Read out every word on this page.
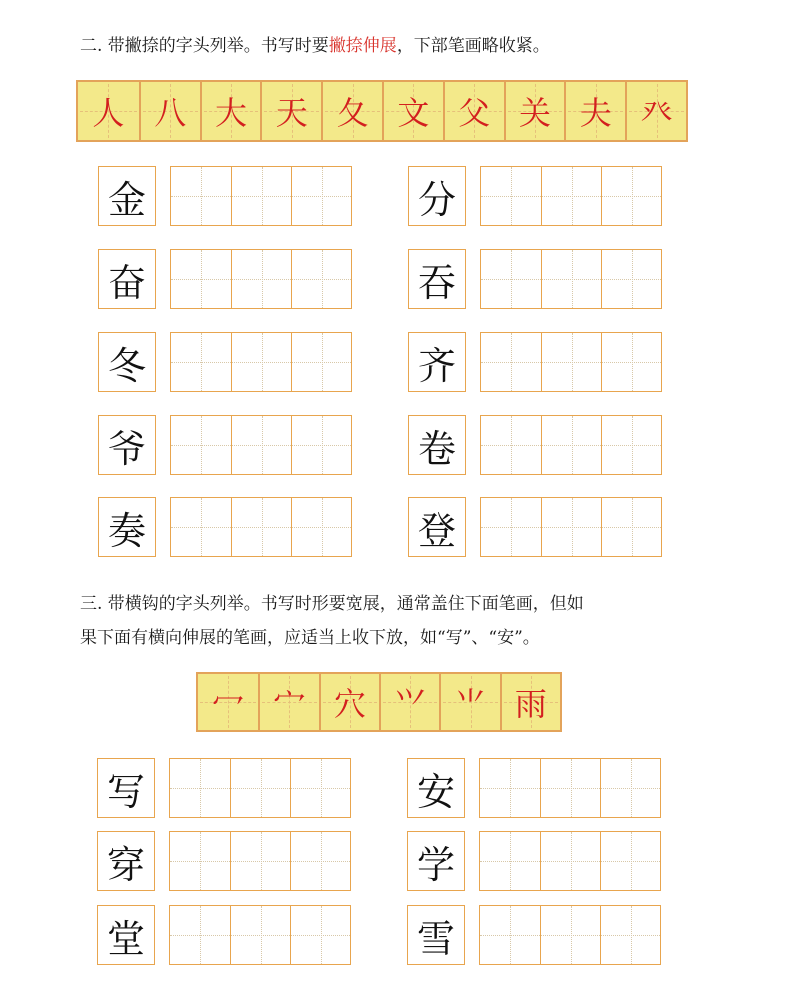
二. 带撇捺的字头列举。书写时要撇捺伸展，下部笔画略收紧。
人 八 大 天 夂 文 父 关 夫 癶
金
奋
冬
爷
奏
分
吞
齐
卷
登
三. 带横钩的字头列举。书写时形要宽展，通常盖住下面笔画，但如
果下面有横向伸展的笔画，应适当上收下放，如“写”、“安”。
冖 宀 穴 ⺍ ⺌ 雨
写
穿
堂
安
学
雪
